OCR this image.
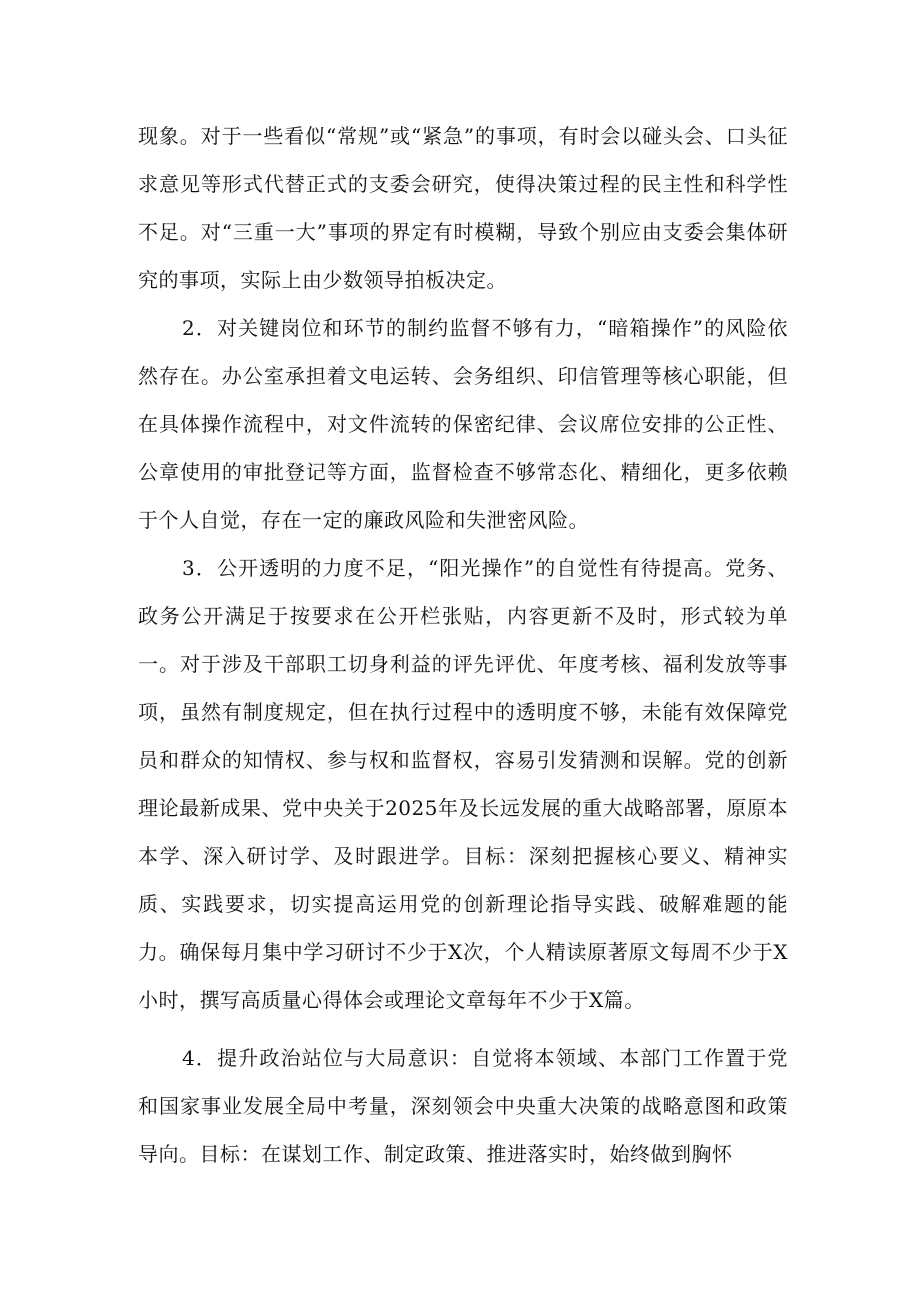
现象。对于一些看似“常规”或“紧急”的事项，有时会以碰头会、口头征求意见等形式代替正式的支委会研究，使得决策过程的民主性和科学性不足。对“三重一大”事项的界定有时模糊，导致个别应由支委会集体研究的事项，实际上由少数领导拍板决定。

2．对关键岗位和环节的制约监督不够有力，“暗箱操作”的风险依然存在。办公室承担着文电运转、会务组织、印信管理等核心职能，但在具体操作流程中，对文件流转的保密纪律、会议席位安排的公正性、公章使用的审批登记等方面，监督检查不够常态化、精细化，更多依赖于个人自觉，存在一定的廉政风险和失泄密风险。

3．公开透明的力度不足，“阳光操作”的自觉性有待提高。党务、政务公开满足于按要求在公开栏张贴，内容更新不及时，形式较为单一。对于涉及干部职工切身利益的评先评优、年度考核、福利发放等事项，虽然有制度规定，但在执行过程中的透明度不够，未能有效保障党员和群众的知情权、参与权和监督权，容易引发猜测和误解。党的创新理论最新成果、党中央关于2025年及长远发展的重大战略部署，原原本本学、深入研讨学、及时跟进学。目标：深刻把握核心要义、精神实质、实践要求，切实提高运用党的创新理论指导实践、破解难题的能力。确保每月集中学习研讨不少于X次，个人精读原著原文每周不少于X小时，撰写高质量心得体会或理论文章每年不少于X篇。

4．提升政治站位与大局意识：自觉将本领域、本部门工作置于党和国家事业发展全局中考量，深刻领会中央重大决策的战略意图和政策导向。目标：在谋划工作、制定政策、推进落实时，始终做到胸怀
